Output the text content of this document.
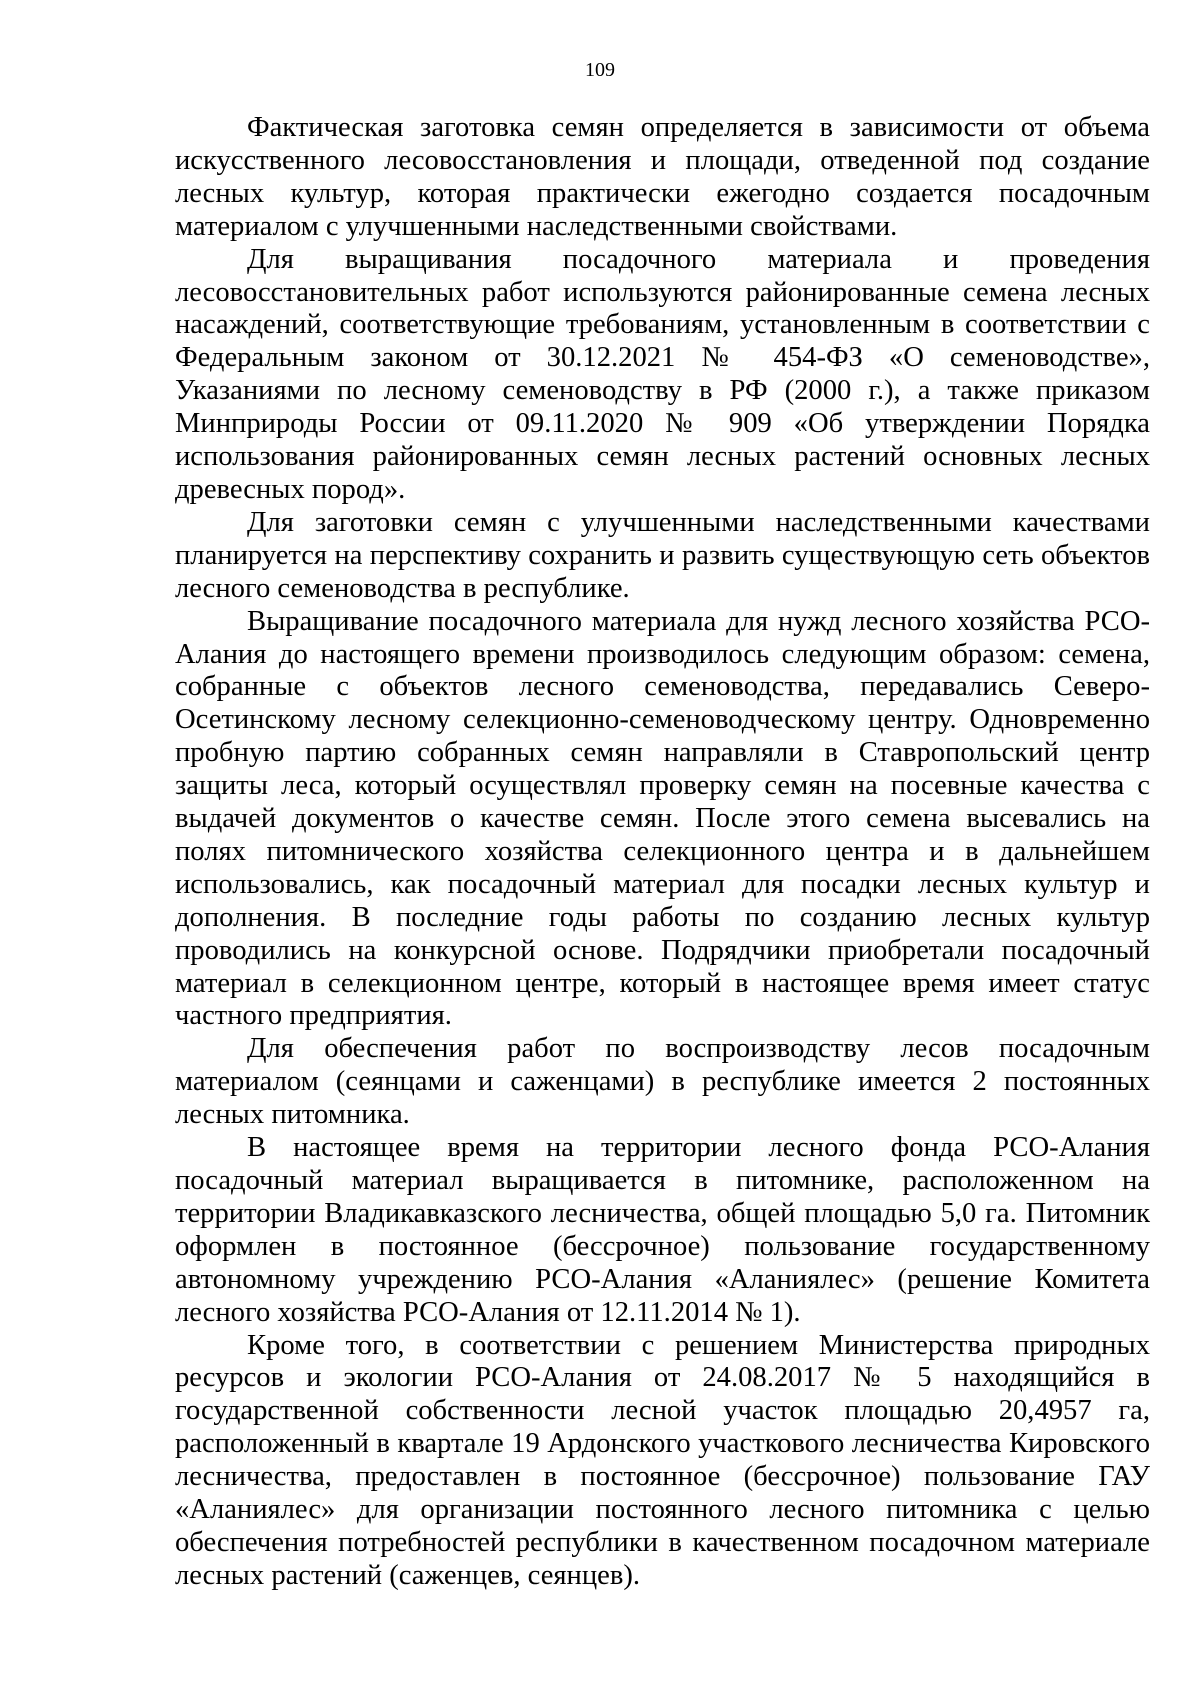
109

Фактическая заготовка семян определяется в зависимости от объема искусственного лесовосстановления и площади, отведенной под создание лесных культур, которая практически ежегодно создается посадочным материалом с улучшенными наследственными свойствами.

Для выращивания посадочного материала и проведения лесовосстановительных работ используются районированные семена лесных насаждений, соответствующие требованиям, установленным в соответствии с Федеральным законом от 30.12.2021 № 454-ФЗ «О семеноводстве», Указаниями по лесному семеноводству в РФ (2000 г.), а также приказом Минприроды России от 09.11.2020 № 909 «Об утверждении Порядка использования районированных семян лесных растений основных лесных древесных пород».

Для заготовки семян с улучшенными наследственными качествами планируется на перспективу сохранить и развить существующую сеть объектов лесного семеноводства в республике.

Выращивание посадочного материала для нужд лесного хозяйства РСО-Алания до настоящего времени производилось следующим образом: семена, собранные с объектов лесного семеноводства, передавались Северо-Осетинскому лесному селекционно-семеноводческому центру. Одновременно пробную партию собранных семян направляли в Ставропольский центр защиты леса, который осуществлял проверку семян на посевные качества с выдачей документов о качестве семян. После этого семена высевались на полях питомнического хозяйства селекционного центра и в дальнейшем использовались, как посадочный материал для посадки лесных культур и дополнения. В последние годы работы по созданию лесных культур проводились на конкурсной основе. Подрядчики приобретали посадочный материал в селекционном центре, который в настоящее время имеет статус частного предприятия.

Для обеспечения работ по воспроизводству лесов посадочным материалом (сеянцами и саженцами) в республике имеется 2 постоянных лесных питомника.

В настоящее время на территории лесного фонда РСО-Алания посадочный материал выращивается в питомнике, расположенном на территории Владикавказского лесничества, общей площадью 5,0 га. Питомник оформлен в постоянное (бессрочное) пользование государственному автономному учреждению РСО-Алания «Аланиялес» (решение Комитета лесного хозяйства РСО-Алания от 12.11.2014 № 1).

Кроме того, в соответствии с решением Министерства природных ресурсов и экологии РСО-Алания от 24.08.2017 № 5 находящийся в государственной собственности лесной участок площадью 20,4957 га, расположенный в квартале 19 Ардонского участкового лесничества Кировского лесничества, предоставлен в постоянное (бессрочное) пользование ГАУ «Аланиялес» для организации постоянного лесного питомника с целью обеспечения потребностей республики в качественном посадочном материале лесных растений (саженцев, сеянцев).
